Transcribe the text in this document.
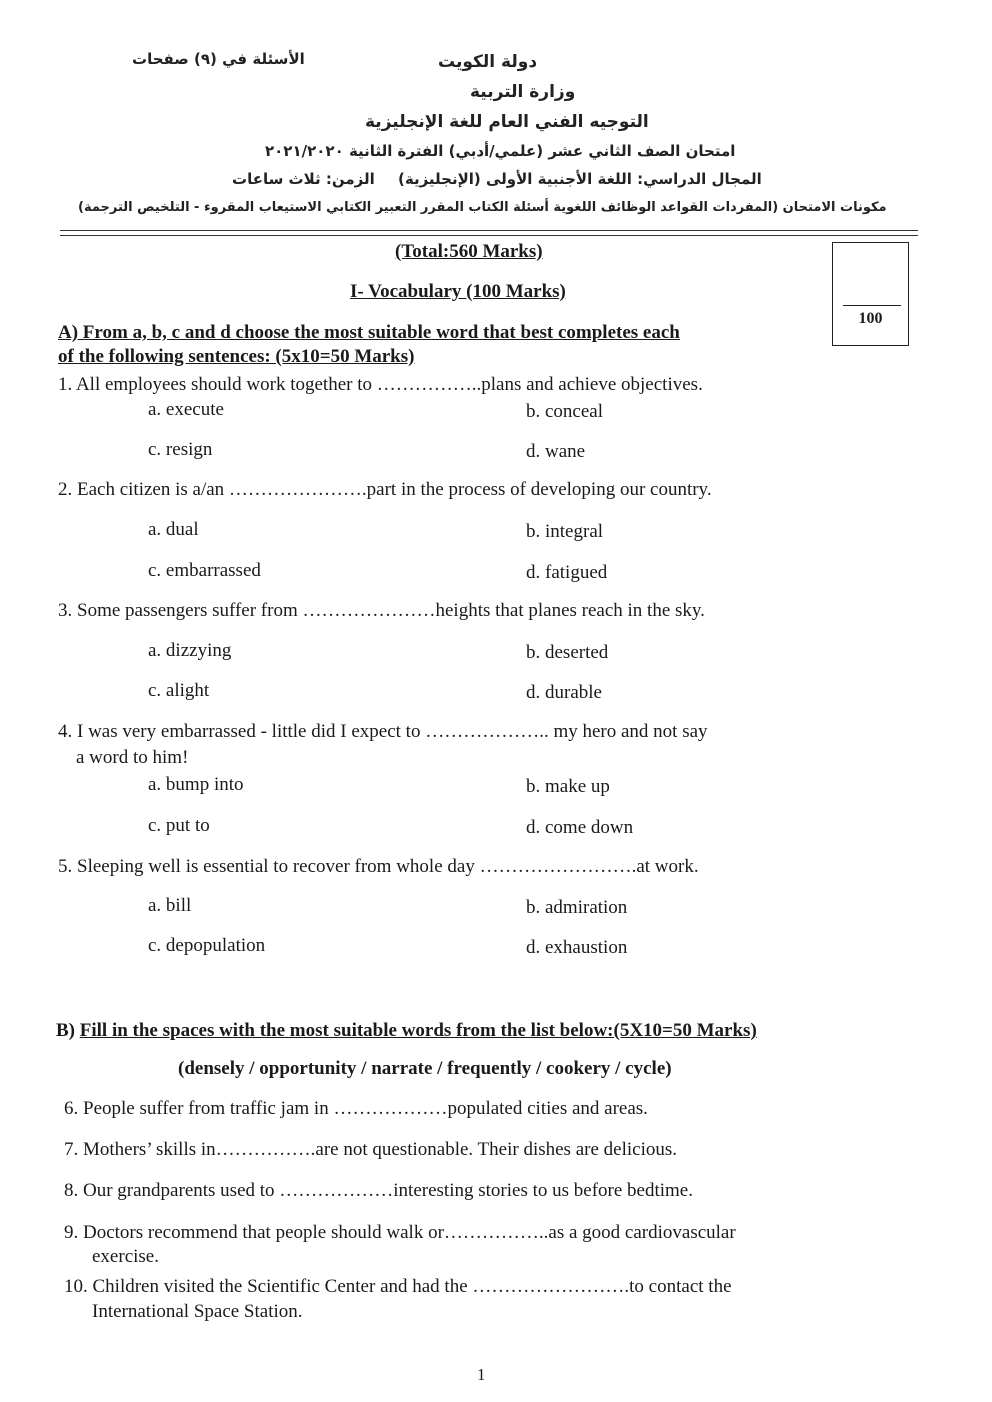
دولة الكويت
الأسئلة في (٩) صفحات
وزارة التربية
التوجيه الفني العام للغة الإنجليزية
امتحان الصف الثاني عشر (علمي/أدبي) الفترة الثانية ٢٠٢١/٢٠٢٠
المجال الدراسي: اللغة الأجنبية الأولى (الإنجليزية)
الزمن: ثلاث ساعات
مكونات الامتحان (المفردات القواعد الوظائف اللغوية أسئلة الكتاب المقرر التعبير الكتابي الاستيعاب المقروء - التلخيص الترجمة)
100
(Total:560 Marks)
I- Vocabulary (100 Marks)
A) From a, b, c and d choose the most suitable word that best completes each
of the following sentences: (5x10=50 Marks)
1. All employees should work together to ……………..plans and achieve objectives.
a. execute	b. conceal
c. resign	d. wane
2. Each citizen is a/an ………………….part in the process of developing our country.
a. dual	b. integral
c. embarrassed	d. fatigued
3. Some passengers suffer from …………………heights that planes reach in the sky.
a. dizzying	b. deserted
c. alight	d. durable
4. I was very embarrassed - little did I expect to ……………….. my hero and not say
a word to him!
a. bump into	b. make up
c. put to	d. come down
5. Sleeping well is essential to recover from whole day …………………….at work.
a. bill	b. admiration
c. depopulation	d. exhaustion
B) Fill in the spaces with the most suitable words from the list below:(5X10=50 Marks)
(densely / opportunity / narrate / frequently / cookery / cycle)
6. People suffer from traffic jam in ………………populated cities and areas.
7. Mothers’ skills in…………….are not questionable. Their dishes are delicious.
8. Our grandparents used to ………………interesting stories to us before bedtime.
9. Doctors recommend that people should walk or……………..as a good cardiovascular
exercise.
10. Children visited the Scientific Center and had the …………………….to contact the
International Space Station.
1
